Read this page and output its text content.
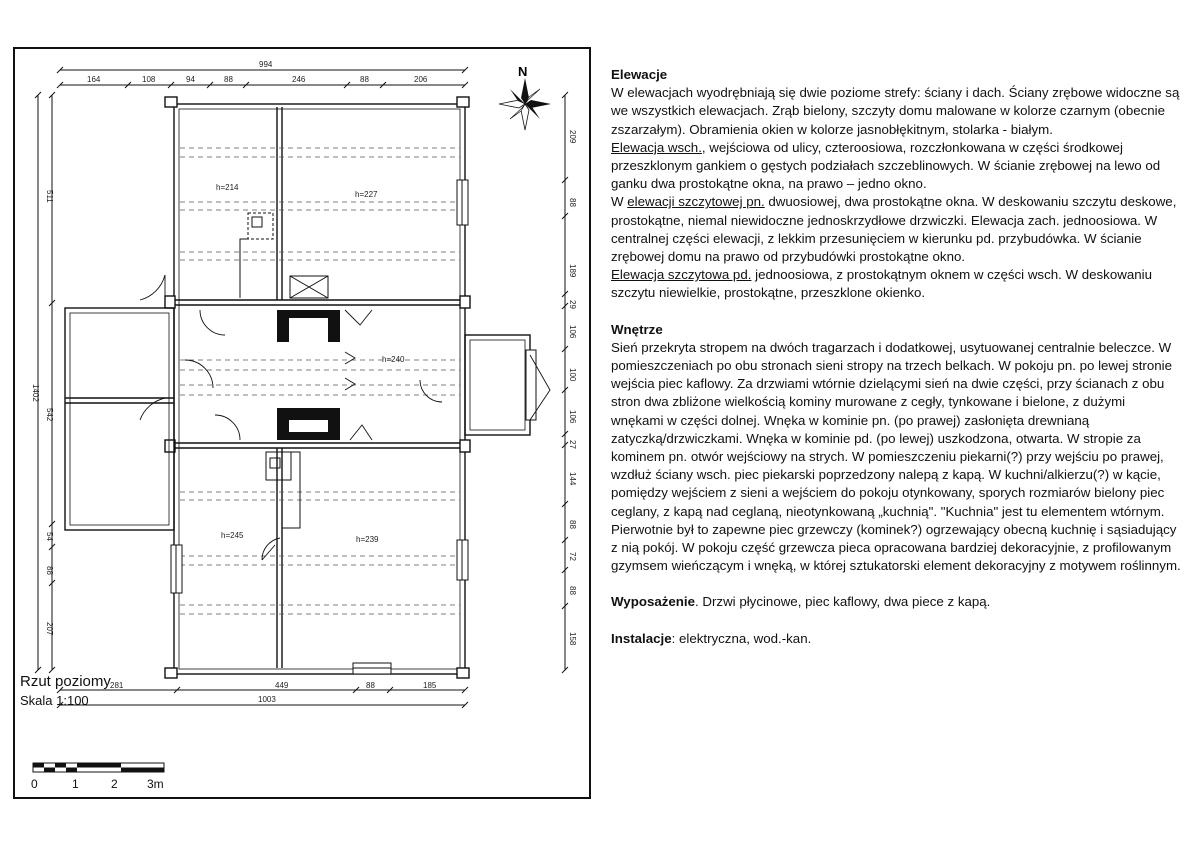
N
994
164	108	94	88	246	88	206
281	449	88	185
1003
1402
511
542
54
88
207
209
88
189
29
106
100
106
27
144
88
72
88
158
h=214
h=227
h=240
h=245	h=239
Rzut poziomy
Skala 1:100
0	1	2 3m

Elewacje

W elewacjach wyodrębniają się dwie poziome strefy: ściany i dach. Ściany zrębowe widoczne są we wszystkich elewacjach. Zrąb bielony, szczyty domu malowane w kolorze czarnym (obecnie zszarzałym). Obramienia okien w kolorze jasnobłękitnym, stolarka - białym.

Elewacja wsch., wejściowa od ulicy, czteroosiowa, rozczłonkowana w części środkowej przeszklonym gankiem o gęstych podziałach szczeblinowych. W ścianie zrębowej na lewo od ganku dwa prostokątne okna, na prawo – jedno okno.

W elewacji szczytowej pn. dwuosiowej, dwa prostokątne okna. W deskowaniu szczytu deskowe, prostokątne, niemal niewidoczne jednoskrzydłowe drzwiczki. Elewacja zach. jednoosiowa. W centralnej części elewacji, z lekkim przesunięciem w kierunku pd. przybudówka. W ścianie zrębowej domu na prawo od przybudówki prostokątne okno.

Elewacja szczytowa pd. jednoosiowa, z prostokątnym oknem w części wsch. W deskowaniu szczytu niewielkie, prostokątne, przeszklone okienko.

Wnętrze

Sień przekryta stropem na dwóch tragarzach i dodatkowej, usytuowanej centralnie beleczce. W pomieszczeniach po obu stronach sieni stropy na trzech belkach. W pokoju pn. po lewej stronie wejścia piec kaflowy. Za drzwiami wtórnie dzielącymi sień na dwie części, przy ścianach z obu stron dwa zbliżone wielkością kominy murowane z cegły, tynkowane i bielone, z dużymi wnękami w części dolnej. Wnęka w kominie pn. (po prawej) zasłonięta drewnianą zatyczką/drzwiczkami. Wnęka w kominie pd. (po lewej) uszkodzona, otwarta. W stropie za kominem pn. otwór wejściowy na strych. W pomieszczeniu piekarni(?) przy wejściu po prawej, wzdłuż ściany wsch. piec piekarski poprzedzony nalepą z kapą. W kuchni/alkierzu(?) w kącie, pomiędzy wejściem z sieni a wejściem do pokoju otynkowany, sporych rozmiarów bielony piec ceglany, z kapą nad ceglaną, nieotynkowaną „kuchnią". "Kuchnia" jest tu elementem wtórnym. Pierwotnie był to zapewne piec grzewczy (kominek?) ogrzewający obecną kuchnię i sąsiadujący z nią pokój. W pokoju część grzewcza pieca opracowana bardziej dekoracyjnie, z profilowanym gzymsem wieńczącym i wnęką, w której sztukatorski element dekoracyjny z motywem roślinnym.

Wyposażenie. Drzwi płycinowe, piec kaflowy, dwa piece z kapą.

Instalacje: elektryczna, wod.-kan.
